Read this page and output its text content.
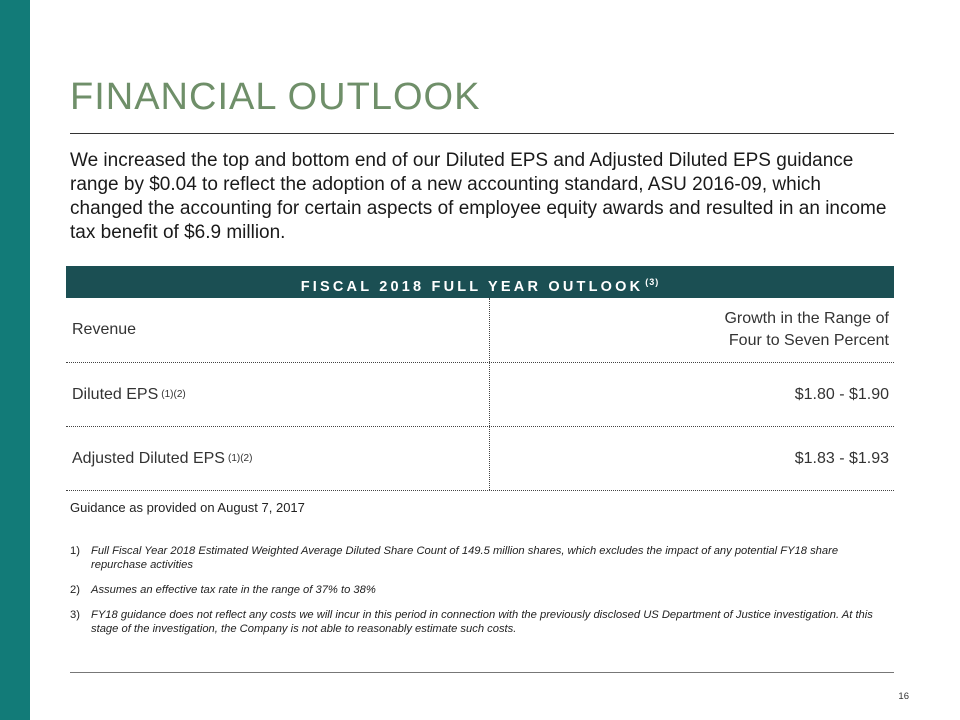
FINANCIAL OUTLOOK

We increased the top and bottom end of our Diluted EPS and Adjusted Diluted EPS guidance range by $0.04 to reflect the adoption of a new accounting standard, ASU 2016-09, which changed the accounting for certain aspects of employee equity awards and resulted in an income tax benefit of $6.9 million.

FISCAL 2018 FULL YEAR OUTLOOK $^{(3)}$
Revenue
Growth in the Range of
Four to Seven Percent
Diluted EPS (1)(2)	$1.80 - $1.90
Adjusted Diluted EPS (1)(2)	$1.83 - $1.93
Guidance as provided on August 7, 2017
1) Full Fiscal Year 2018 Estimated Weighted Average Diluted Share Count of 149.5 million shares, which excludes the impact of any potential FY18 share repurchase activities
2) Assumes an effective tax rate in the range of 37% to 38%
3) FY18 guidance does not reflect any costs we will incur in this period in connection with the previously disclosed US Department of Justice investigation. At this stage of the investigation, the Company is not able to reasonably estimate such costs.
16
